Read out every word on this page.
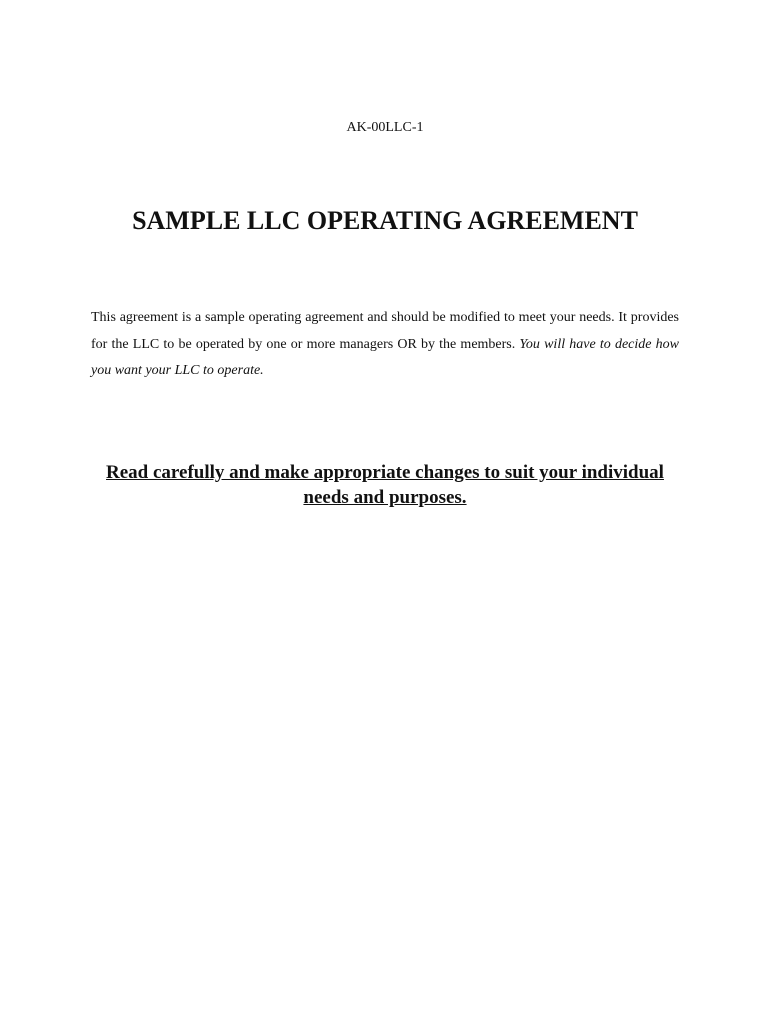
AK-00LLC-1
SAMPLE LLC OPERATING AGREEMENT

This agreement is a sample operating agreement and should be modified to meet your needs. It provides for the LLC to be operated by one or more managers OR by the members. You will have to decide how you want your LLC to operate.

Read carefully and make appropriate changes to suit your individual needs and purposes.
